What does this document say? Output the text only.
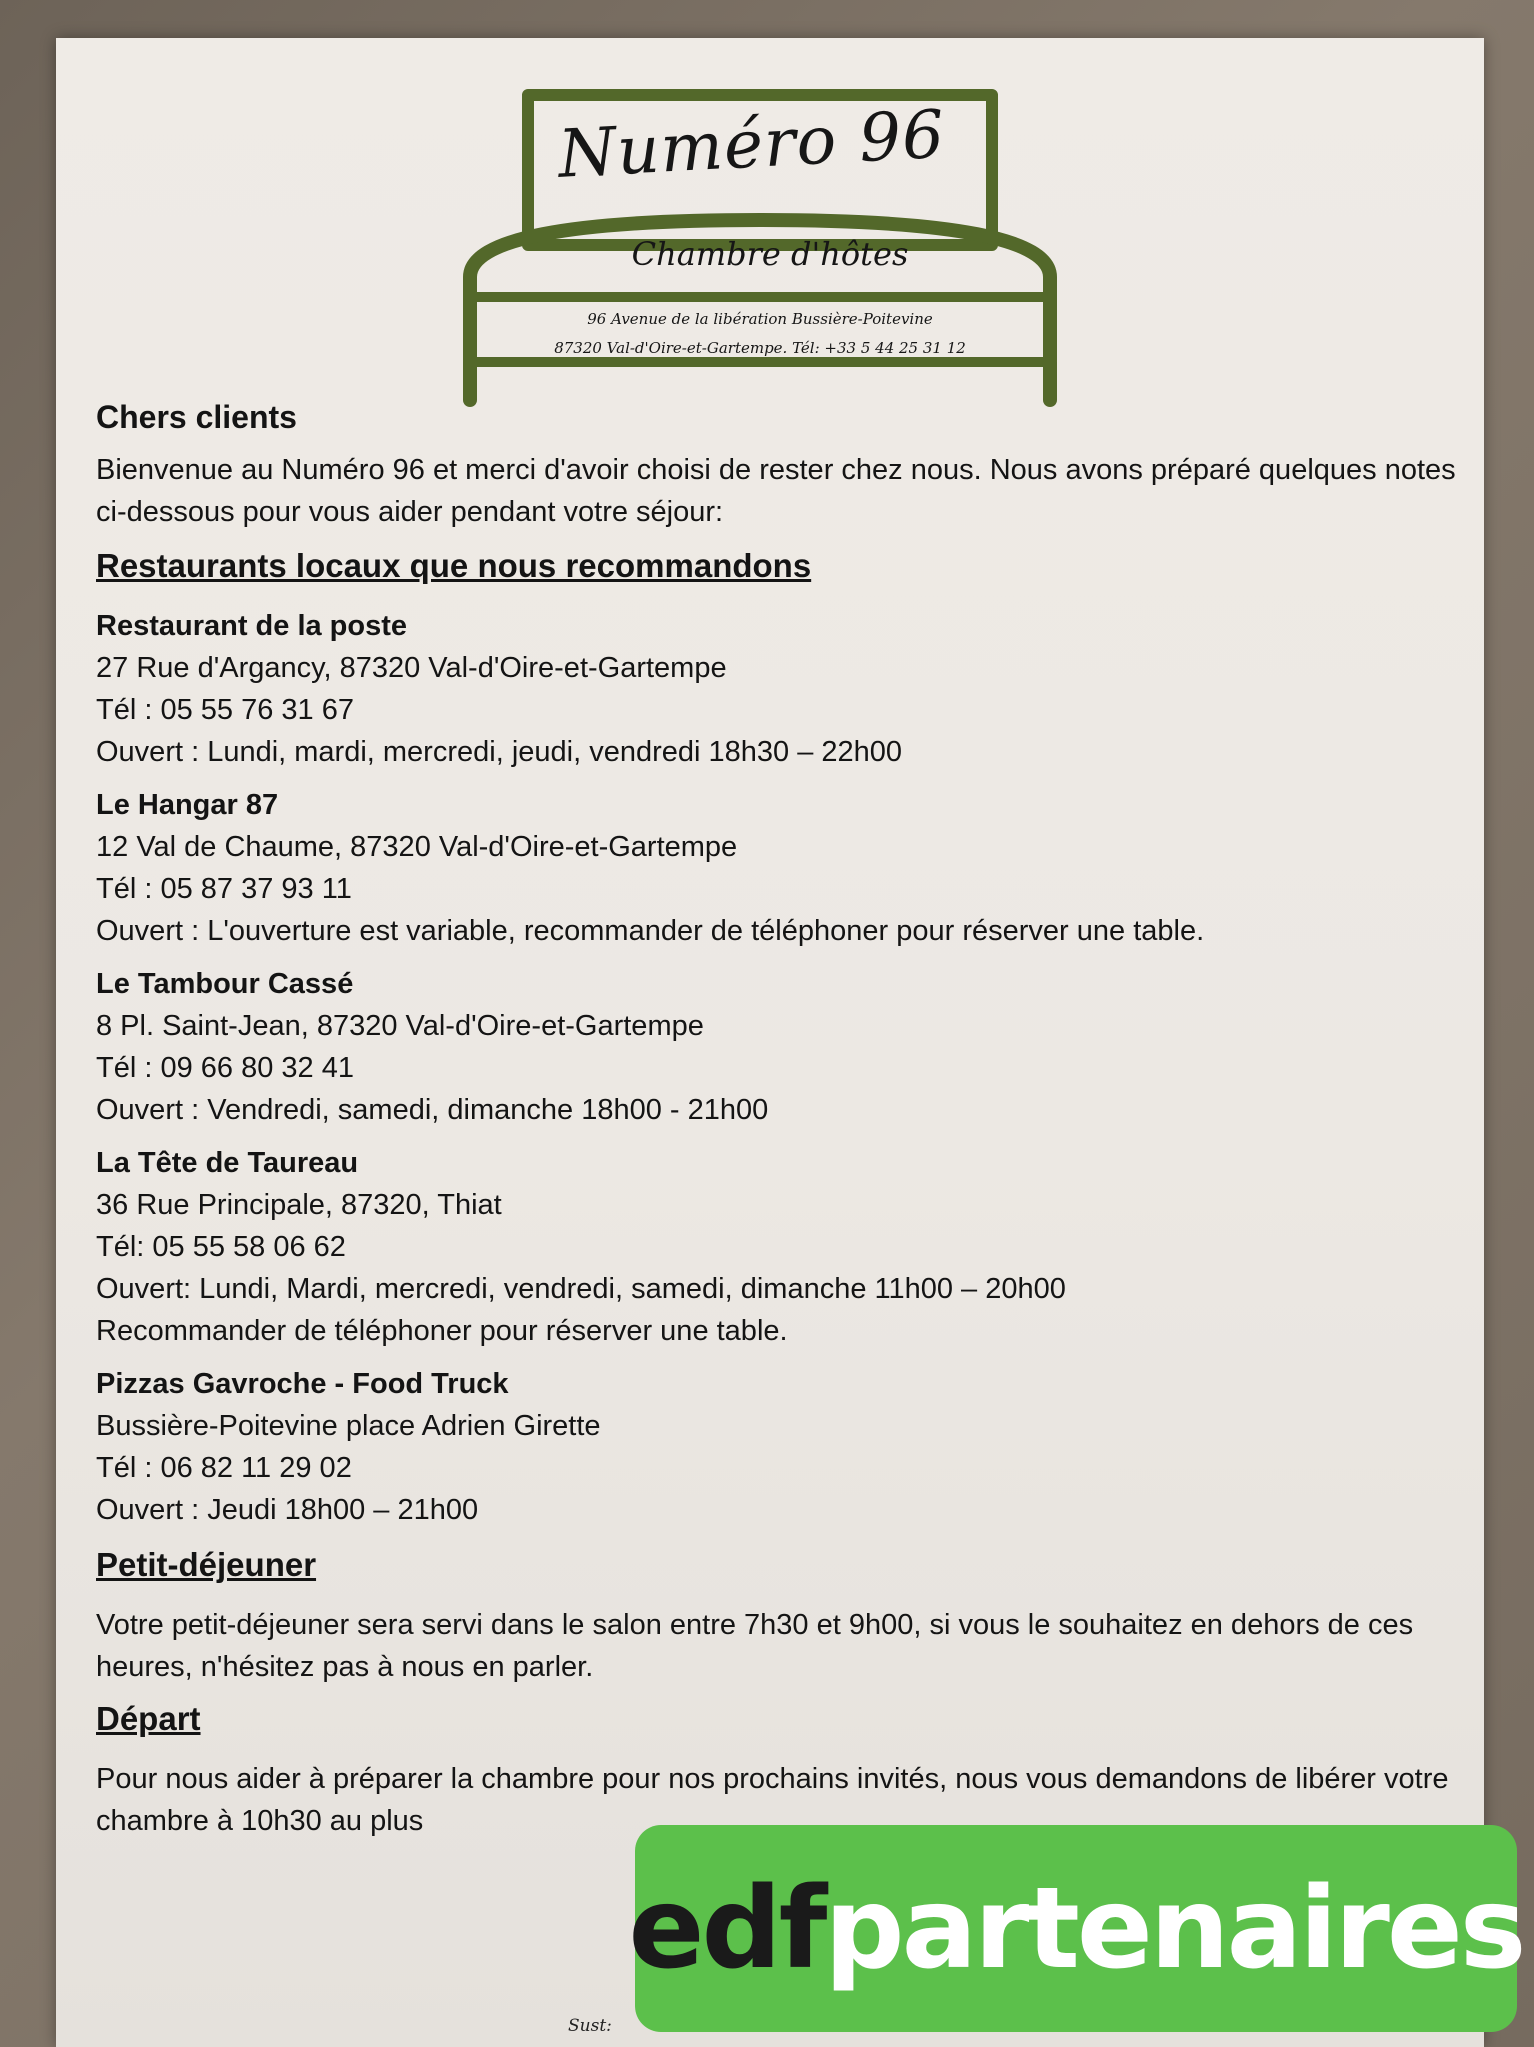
Numéro 96
Chambre d'hôtes
96 Avenue de la libération Bussière-Poitevine
87320 Val-d'Oire-et-Gartempe. Tél: +33 5 44 25 31 12
Chers clients
Bienvenue au Numéro 96 et merci d'avoir choisi de rester chez nous. Nous avons préparé quelques notes ci-dessous pour vous aider pendant votre séjour:
Restaurants locaux que nous recommandons
Restaurant de la poste
27 Rue d'Argancy, 87320 Val-d'Oire-et-Gartempe
Tél : 05 55 76 31 67
Ouvert : Lundi, mardi, mercredi, jeudi, vendredi 18h30 – 22h00
Le Hangar 87
12 Val de Chaume, 87320 Val-d'Oire-et-Gartempe
Tél : 05 87 37 93 11
Ouvert : L'ouverture est variable, recommander de téléphoner pour réserver une table.
Le Tambour Cassé
8 Pl. Saint-Jean, 87320 Val-d'Oire-et-Gartempe
Tél : 09 66 80 32 41
Ouvert : Vendredi, samedi, dimanche 18h00 - 21h00
La Tête de Taureau
36 Rue Principale, 87320, Thiat
Tél: 05 55 58 06 62
Ouvert: Lundi, Mardi, mercredi, vendredi, samedi, dimanche 11h00 – 20h00
Recommander de téléphoner pour réserver une table.
Pizzas Gavroche - Food Truck
Bussière-Poitevine place Adrien Girette
Tél : 06 82 11 29 02
Ouvert : Jeudi 18h00 – 21h00
Petit-déjeuner
Votre petit-déjeuner sera servi dans le salon entre 7h30 et 9h00, si vous le souhaitez en dehors de ces heures, n'hésitez pas à nous en parler.
Départ
Pour nous aider à préparer la chambre pour nos prochains invités, nous vous demandons de libérer votre chambre à 10h30 au plus
Sust:
edf partenaires
